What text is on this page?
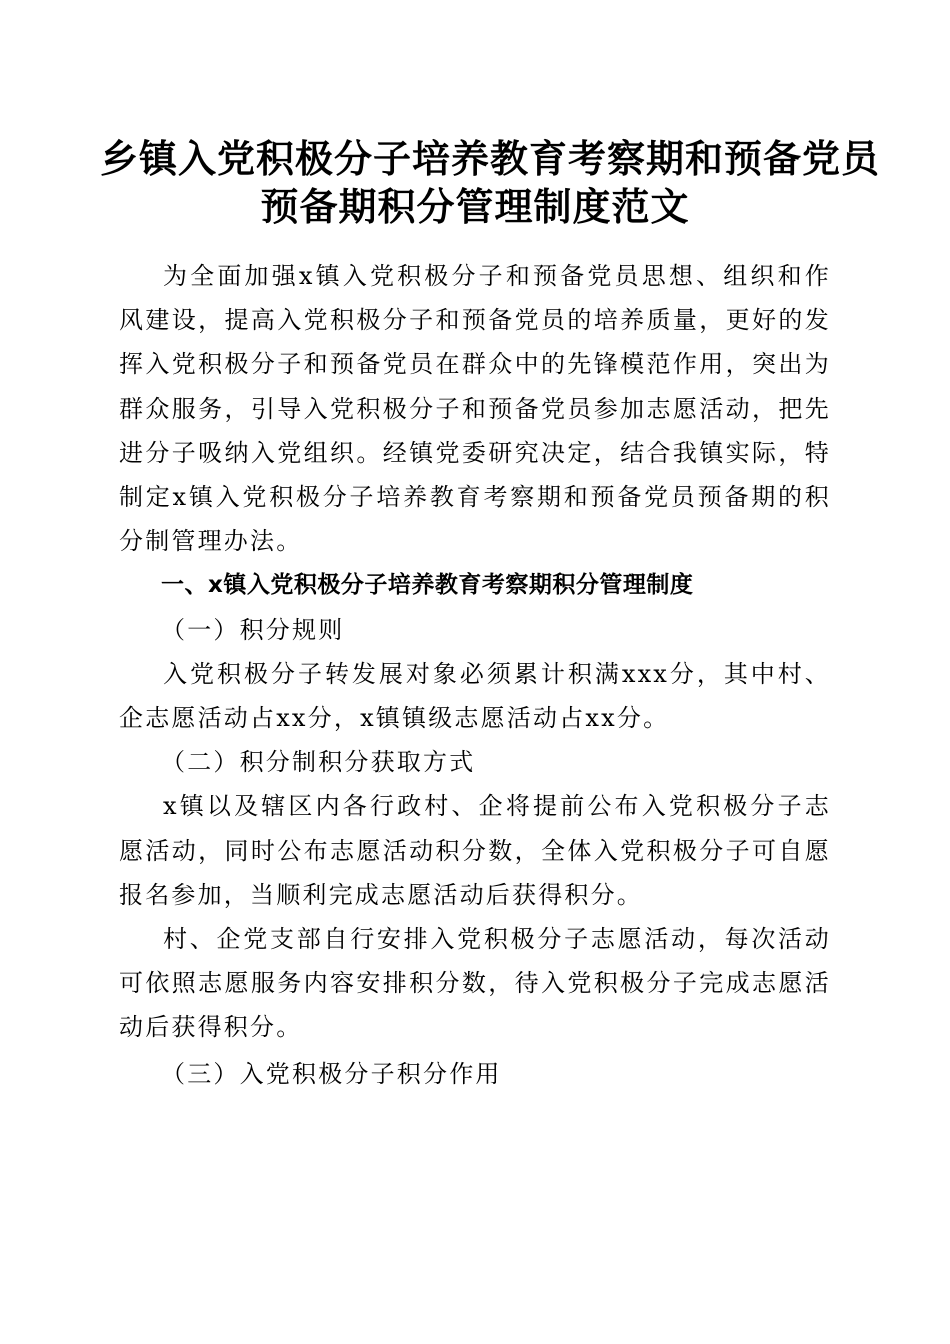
乡镇入党积极分子培养教育考察期和预备党员
预备期积分管理制度范文

为全面加强x镇入党积极分子和预备党员思想、组织和作风建设，提高入党积极分子和预备党员的培养质量，更好的发挥入党积极分子和预备党员在群众中的先锋模范作用，突出为群众服务，引导入党积极分子和预备党员参加志愿活动，把先进分子吸纳入党组织。经镇党委研究决定，结合我镇实际，特制定x镇入党积极分子培养教育考察期和预备党员预备期的积分制管理办法。

一、x镇入党积极分子培养教育考察期积分管理制度

（一）积分规则

入党积极分子转发展对象必须累计积满xxx分，其中村、企志愿活动占xx分，x镇镇级志愿活动占xx分。

（二）积分制积分获取方式

x镇以及辖区内各行政村、企将提前公布入党积极分子志愿活动，同时公布志愿活动积分数，全体入党积极分子可自愿报名参加，当顺利完成志愿活动后获得积分。

村、企党支部自行安排入党积极分子志愿活动，每次活动可依照志愿服务内容安排积分数，待入党积极分子完成志愿活动后获得积分。

（三）入党积极分子积分作用
